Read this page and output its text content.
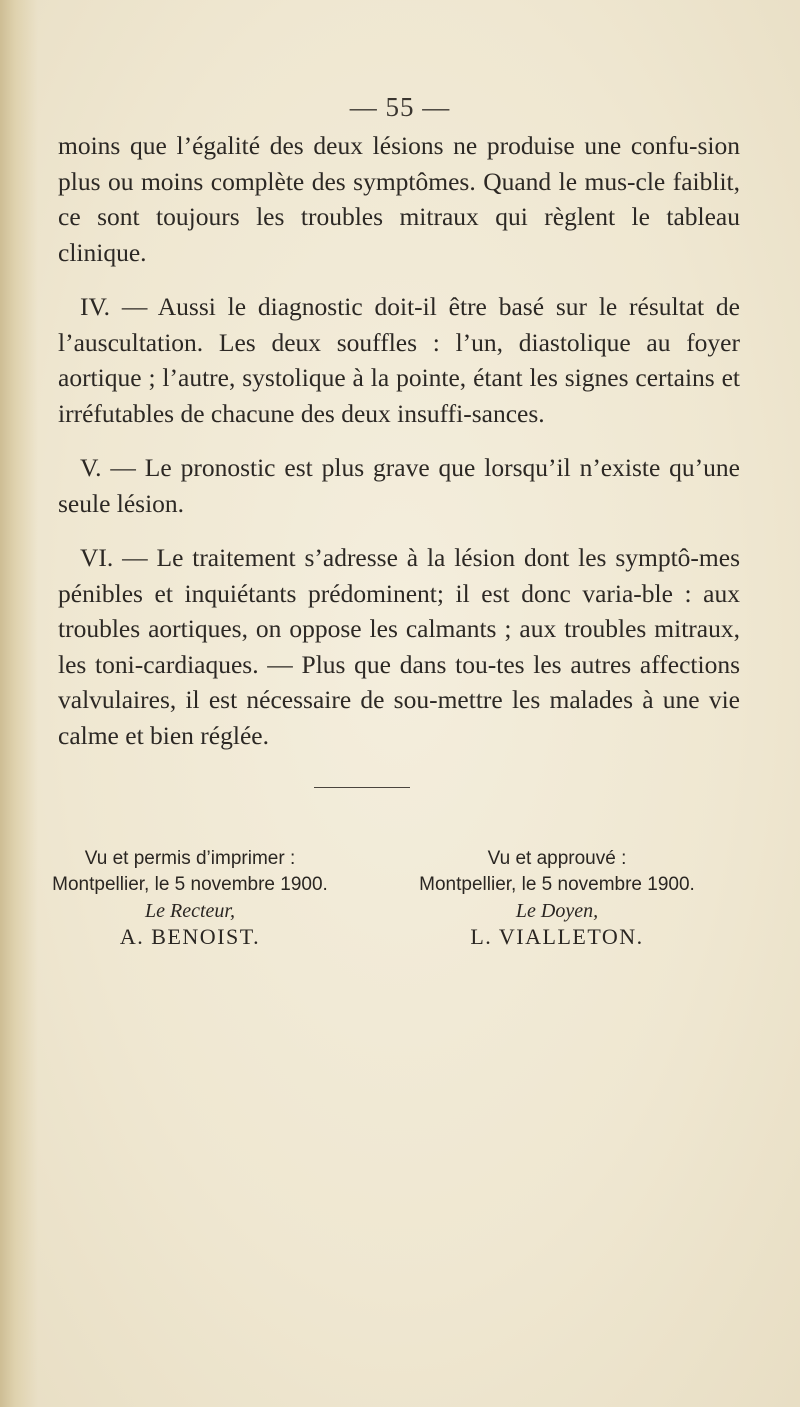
— 55 —

moins que l’égalité des deux lésions ne produise une confu-sion plus ou moins complète des symptômes. Quand le mus-cle faiblit, ce sont toujours les troubles mitraux qui règlent le tableau clinique.

IV. — Aussi le diagnostic doit-il être basé sur le résultat de l’auscultation. Les deux souffles : l’un, diastolique au foyer aortique ; l’autre, systolique à la pointe, étant les signes certains et irréfutables de chacune des deux insuffi-sances.

V. — Le pronostic est plus grave que lorsqu’il n’existe qu’une seule lésion.

VI. — Le traitement s’adresse à la lésion dont les symptô-mes pénibles et inquiétants prédominent; il est donc varia-ble : aux troubles aortiques, on oppose les calmants ; aux troubles mitraux, les toni-cardiaques. — Plus que dans tou-tes les autres affections valvulaires, il est nécessaire de sou-mettre les malades à une vie calme et bien réglée.

Vu et permis d’imprimer :
Montpellier, le 5 novembre 1900.
Le Recteur,
A. BENOIST.
Vu et approuvé :
Montpellier, le 5 novembre 1900.
Le Doyen,
L. VIALLETON.
